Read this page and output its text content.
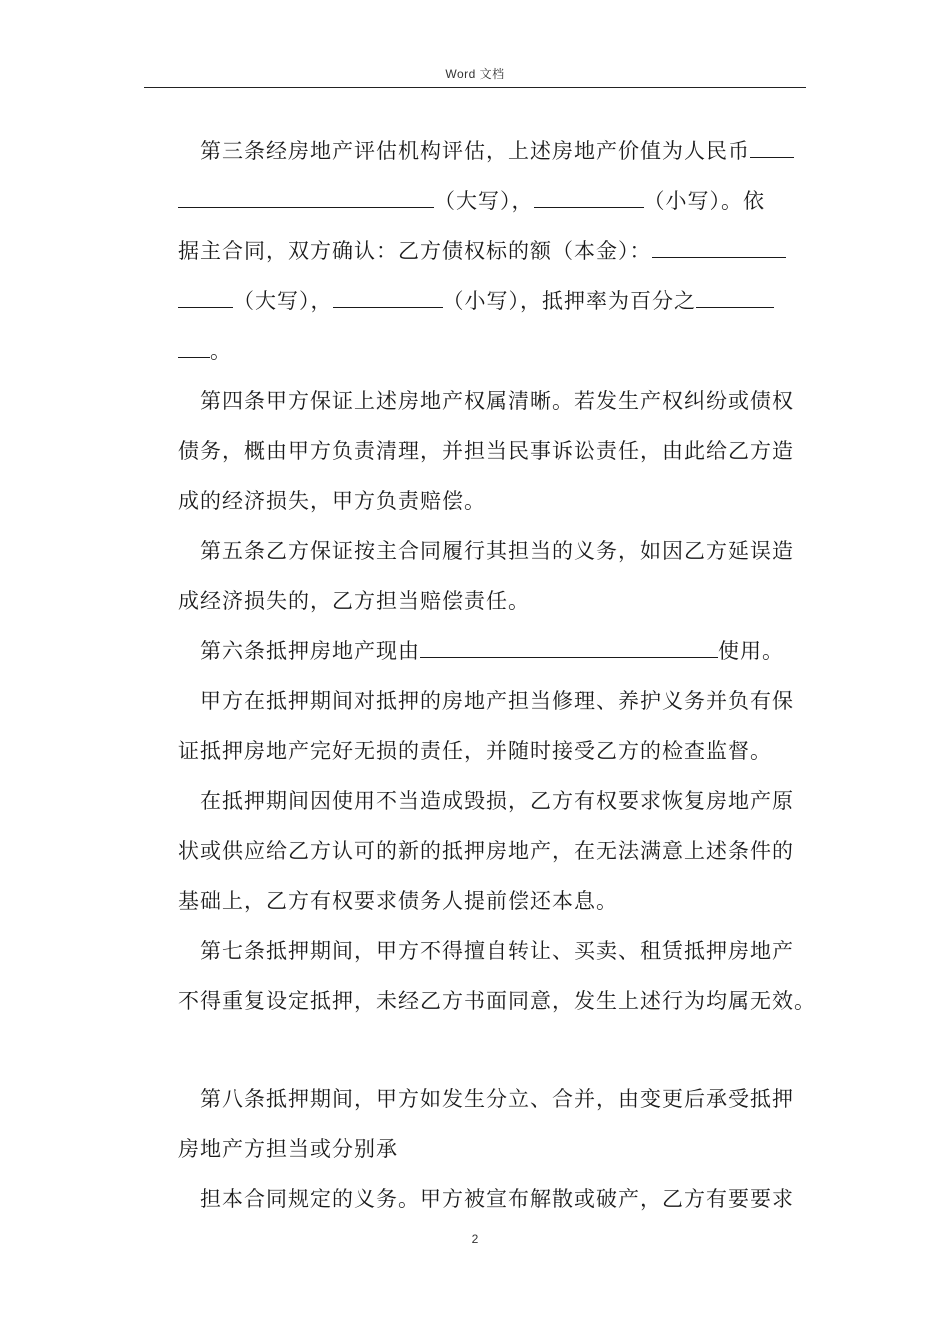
Word 文档
第三条经房地产评估机构评估，上述房地产价值为人民币
（大写），	（小写）。依
据主合同，双方确认：乙方债权标的额（本金）：
（大写），	（小写），抵押率为百分之
。
第四条甲方保证上述房地产权属清晰。若发生产权纠纷或债权
债务，概由甲方负责清理，并担当民事诉讼责任，由此给乙方造
成的经济损失，甲方负责赔偿。
第五条乙方保证按主合同履行其担当的义务，如因乙方延误造
成经济损失的，乙方担当赔偿责任。
第六条抵押房地产现由	使用。
甲方在抵押期间对抵押的房地产担当修理、养护义务并负有保
证抵押房地产完好无损的责任，并随时接受乙方的检查监督。
在抵押期间因使用不当造成毁损，乙方有权要求恢复房地产原
状或供应给乙方认可的新的抵押房地产，在无法满意上述条件的
基础上，乙方有权要求债务人提前偿还本息。
第七条抵押期间，甲方不得擅自转让、买卖、租赁抵押房地产
不得重复设定抵押，未经乙方书面同意，发生上述行为均属无效。
第八条抵押期间，甲方如发生分立、合并，由变更后承受抵押
房地产方担当或分别承
担本合同规定的义务。甲方被宣布解散或破产，乙方有要要求
2
